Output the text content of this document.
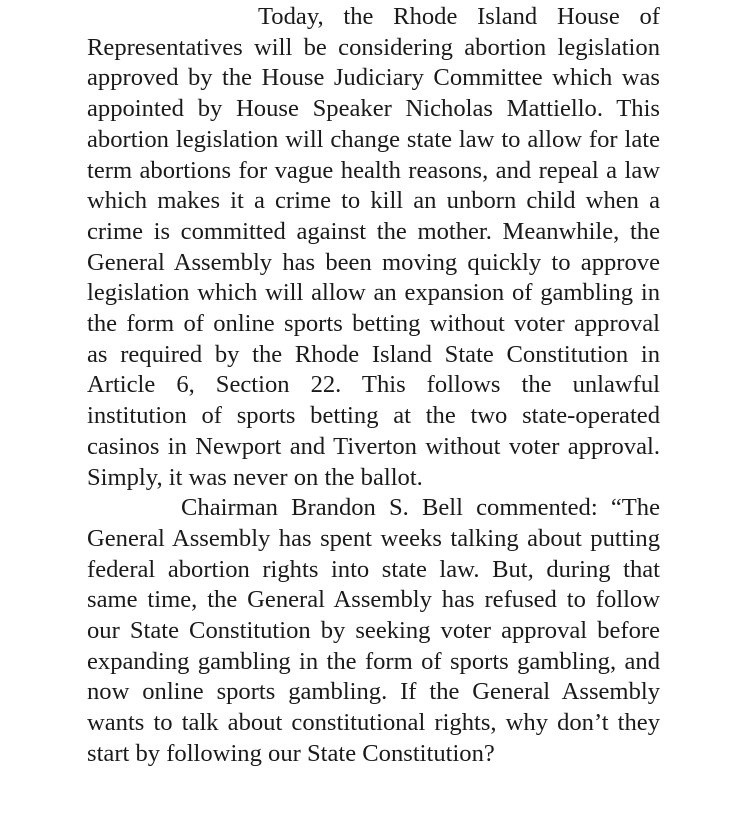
Today, the Rhode Island House of Representatives will be considering abortion legislation approved by the House Judiciary Committee which was appointed by House Speaker Nicholas Mattiello. This abortion legislation will change state law to allow for late term abortions for vague health reasons, and repeal a law which makes it a crime to kill an unborn child when a crime is committed against the mother. Meanwhile, the General Assembly has been moving quickly to approve legislation which will allow an expansion of gambling in the form of online sports betting without voter approval as required by the Rhode Island State Constitution in Article 6, Section 22. This follows the unlawful institution of sports betting at the two state-operated casinos in Newport and Tiverton without voter approval. Simply, it was never on the ballot.

Chairman Brandon S. Bell commented: “The General Assembly has spent weeks talking about putting federal abortion rights into state law. But, during that same time, the General Assembly has refused to follow our State Constitution by seeking voter approval before expanding gambling in the form of sports gambling, and now online sports gambling. If the General Assembly wants to talk about constitutional rights, why don’t they start by following our State Constitution?
